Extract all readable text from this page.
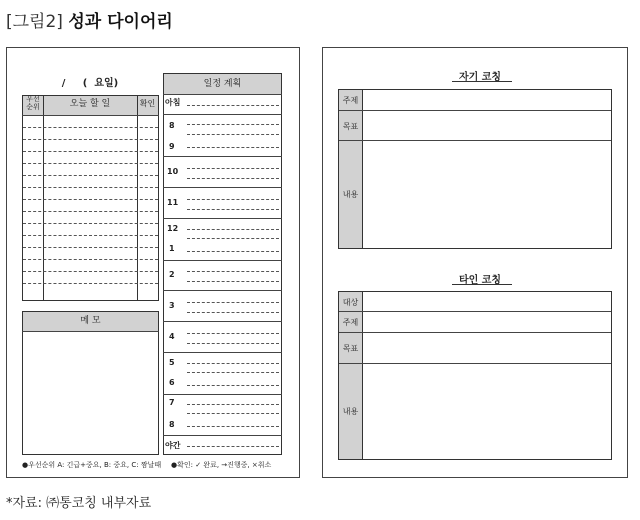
[그림2] 성과 다이어리
/     (  요일)
우선
순위	오늘 할 일	확인
메 모
일정 계획
아침
8
9
10
11
12
1
2
3
4
5
6
7
8
야간
●우선순위 A: 긴급+중요, B: 중요, C: 짬날때 ●확인: ✓ 완료, →진행중, ×취소
자기 코칭
주제
목표
내용
타인 코칭
대상
주제
목표
내용
*자료: ㈜통코칭 내부자료
